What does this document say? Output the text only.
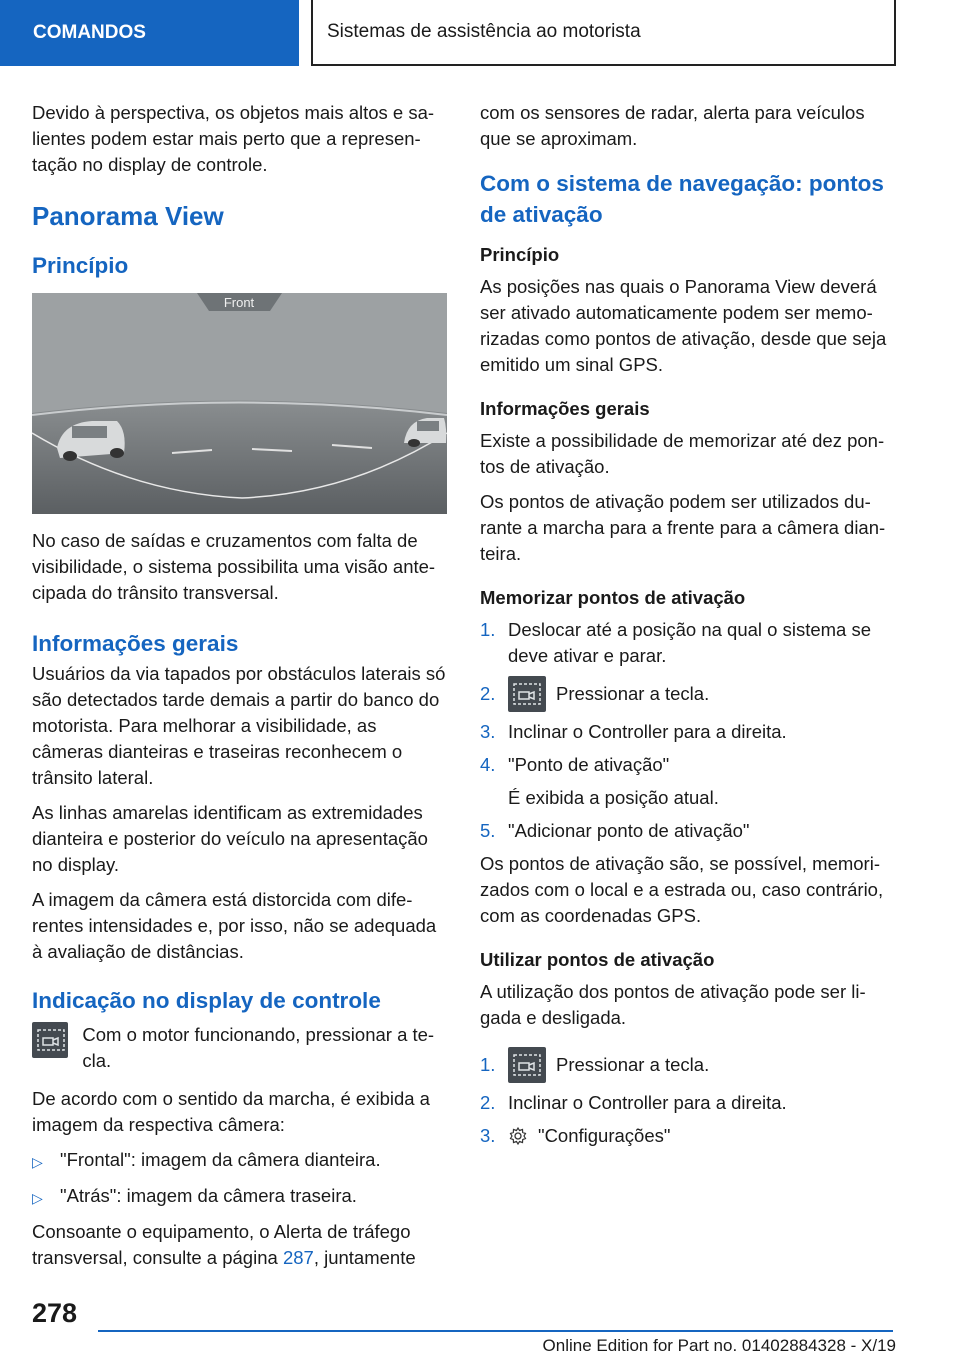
COMANDOS	Sistemas de assistência ao motorista

Devido à perspectiva, os objetos mais altos e sa-lientes podem estar mais perto que a represen-tação no display de controle.

Panorama View
Princípio
Front

No caso de saídas e cruzamentos com falta de visibilidade, o sistema possibilita uma visão ante-cipada do trânsito transversal.

Informações gerais

Usuários da via tapados por obstáculos laterais só são detectados tarde demais a partir do banco do motorista. Para melhorar a visibilidade, as câmeras dianteiras e traseiras reconhecem o trânsito lateral.

As linhas amarelas identificam as extremidades dianteira e posterior do veículo na apresentação no display.

A imagem da câmera está distorcida com dife-rentes intensidades e, por isso, não se adequada à avaliação de distâncias.

Indicação no display de controle
Com o motor funcionando, pressionar a te-cla.

De acordo com o sentido da marcha, é exibida a imagem da respectiva câmera:

▷ "Frontal": imagem da câmera dianteira.
▷ "Atrás": imagem da câmera traseira.

Consoante o equipamento, o Alerta de tráfego transversal, consulte a página 287, juntamente

com os sensores de radar, alerta para veículos que se aproximam.

Com o sistema de navegação: pontos de ativação
Princípio

As posições nas quais o Panorama View deverá ser ativado automaticamente podem ser memo-rizadas como pontos de ativação, desde que seja emitido um sinal GPS.

Informações gerais

Existe a possibilidade de memorizar até dez pon-tos de ativação.

Os pontos de ativação podem ser utilizados du-rante a marcha para a frente para a câmera dian-teira.

Memorizar pontos de ativação
1. Deslocar até a posição na qual o sistema se deve ativar e parar.
2.	Pressionar a tecla.
3. Inclinar o Controller para a direita.
4. "Ponto de ativação"
É exibida a posição atual.
5. "Adicionar ponto de ativação"

Os pontos de ativação são, se possível, memori-zados com o local e a estrada ou, caso contrário, com as coordenadas GPS.

Utilizar pontos de ativação

A utilização dos pontos de ativação pode ser li-gada e desligada.

1.	Pressionar a tecla.
2. Inclinar o Controller para a direita.
3.	"Configurações"
278
Online Edition for Part no. 01402884328 - X/19
